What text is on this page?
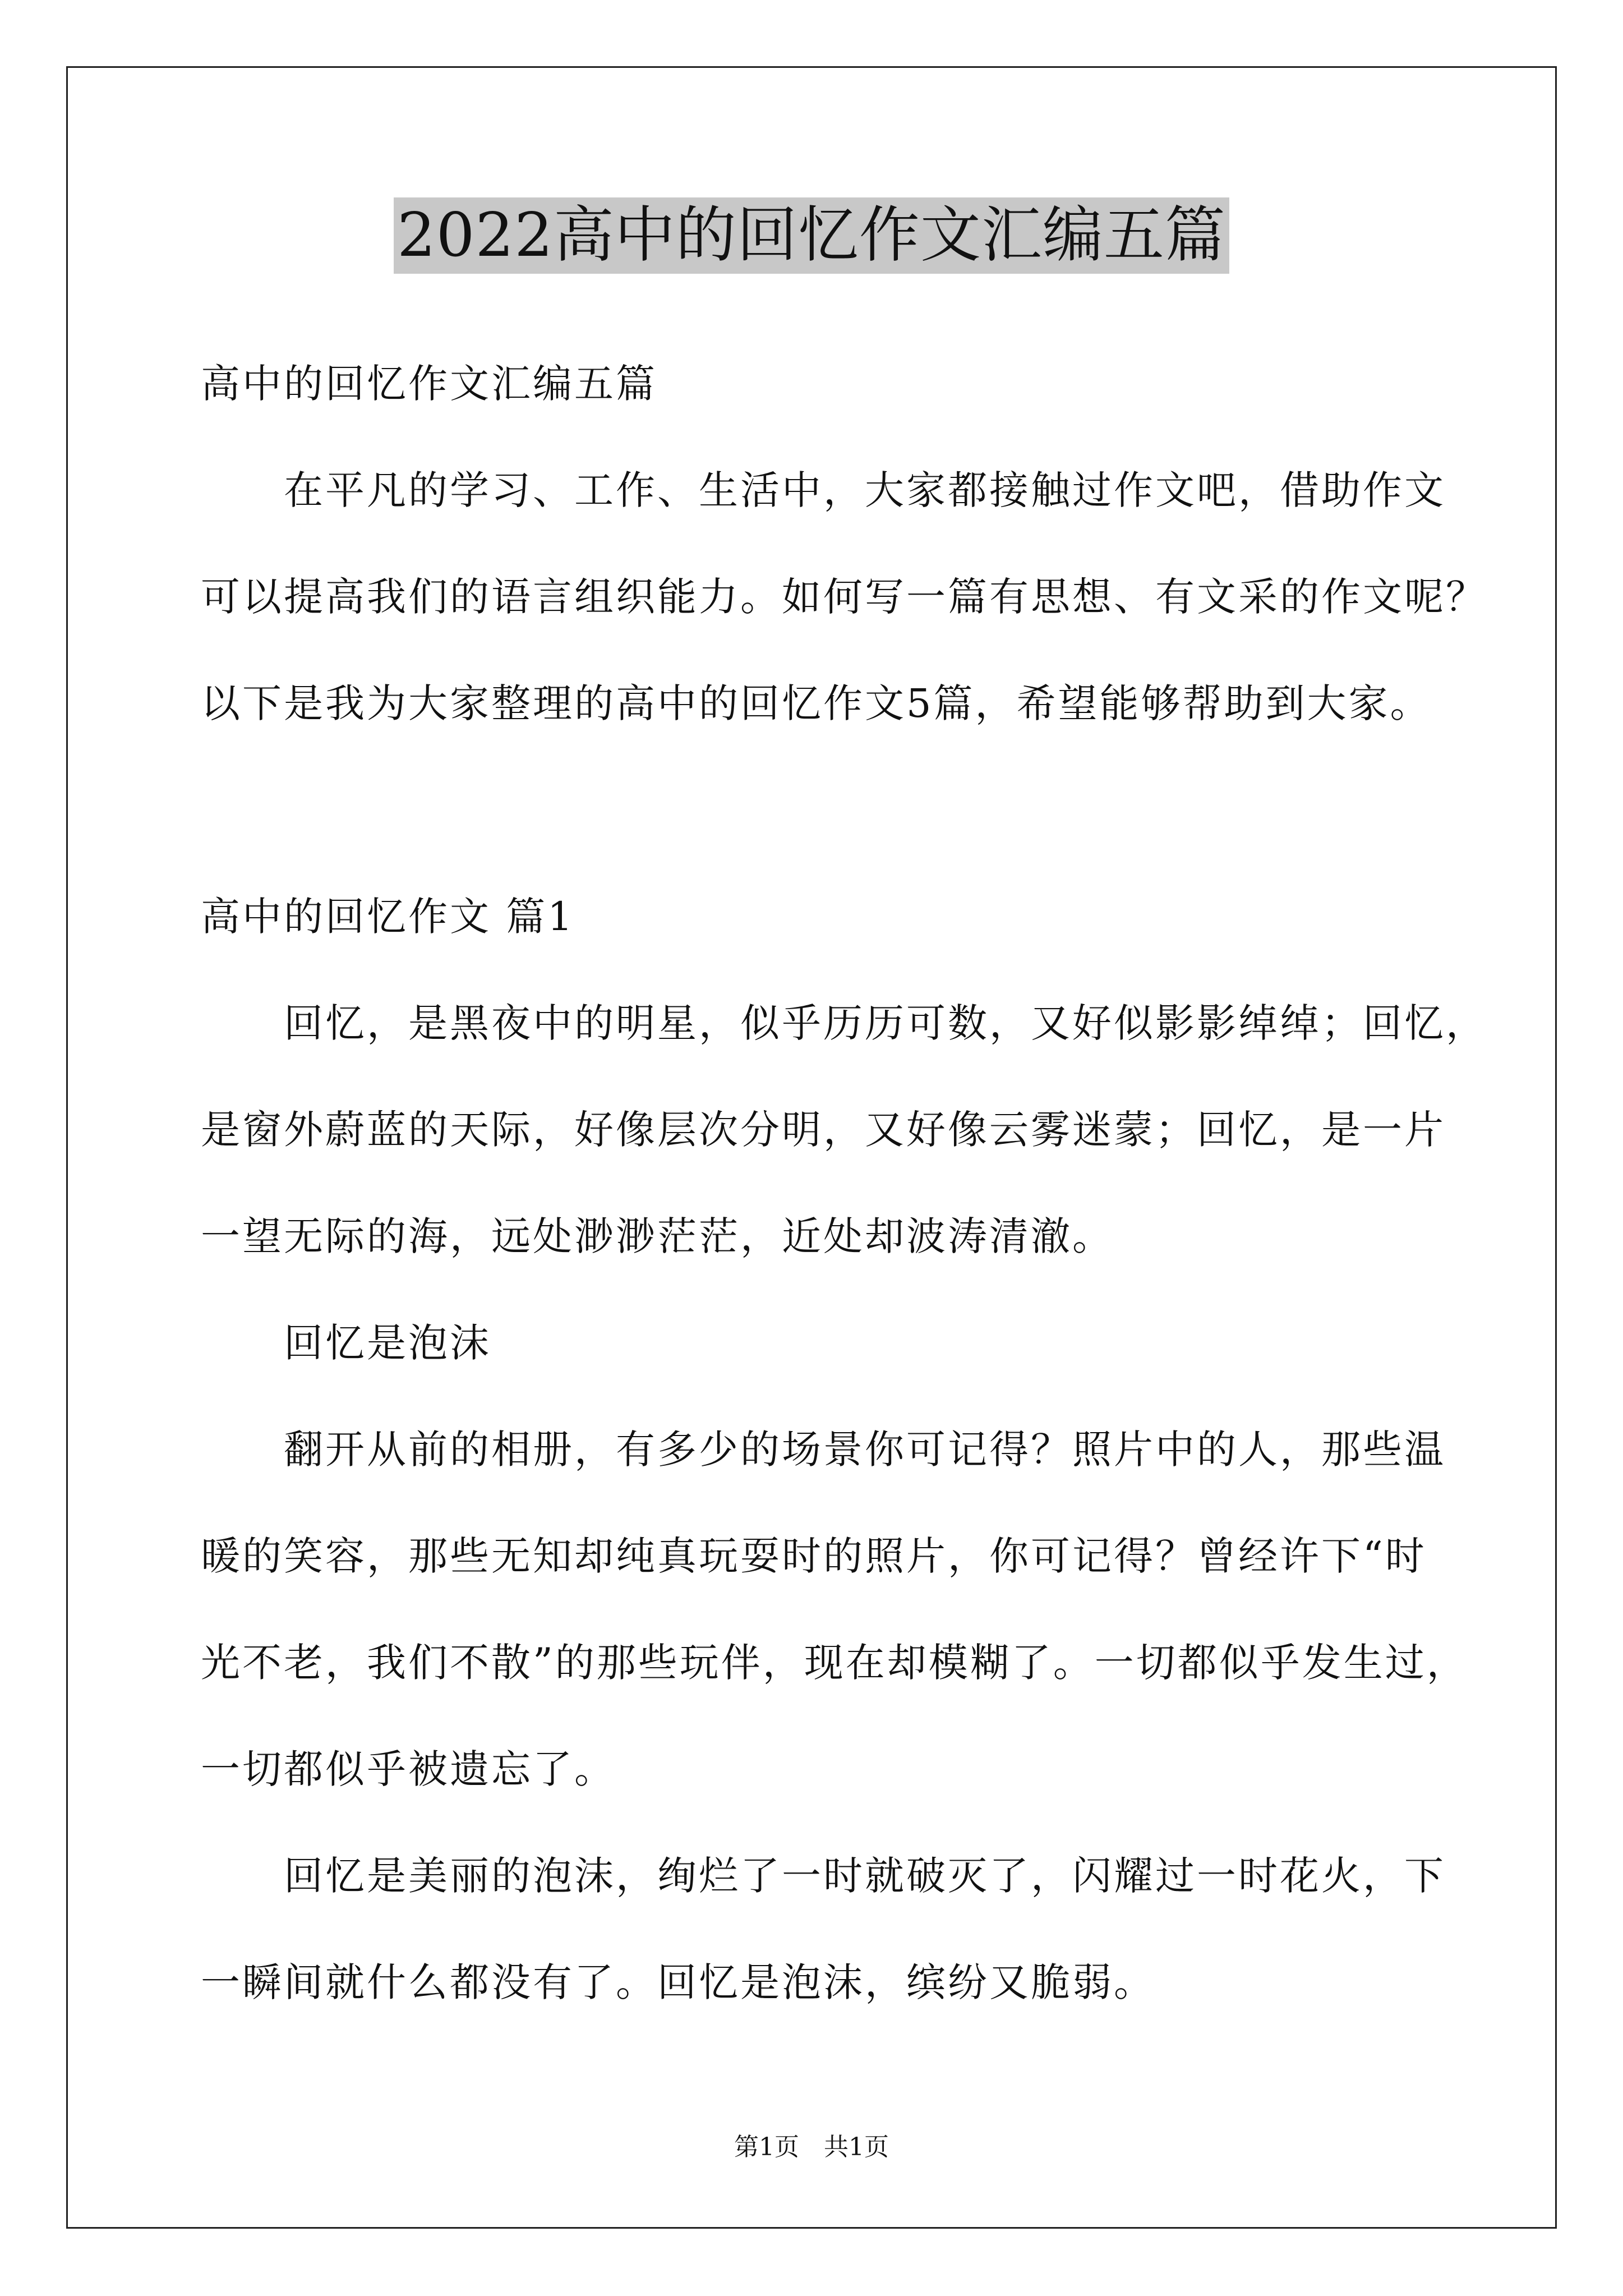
2022高中的回忆作文汇编五篇

高中的回忆作文汇编五篇

　　在平凡的学习、工作、生活中，大家都接触过作文吧，借助作文

可以提高我们的语言组织能力。如何写一篇有思想、有文采的作文呢？

以下是我为大家整理的高中的回忆作文5篇，希望能够帮助到大家。

高中的回忆作文 篇1

　　回忆，是黑夜中的明星，似乎历历可数，又好似影影绰绰；回忆，

是窗外蔚蓝的天际，好像层次分明，又好像云雾迷蒙；回忆，是一片

一望无际的海，远处渺渺茫茫，近处却波涛清澈。

　　回忆是泡沫

　　翻开从前的相册，有多少的场景你可记得？照片中的人，那些温

暖的笑容，那些无知却纯真玩耍时的照片，你可记得？曾经许下“时

光不老，我们不散”的那些玩伴，现在却模糊了。一切都似乎发生过，

一切都似乎被遗忘了。

　　回忆是美丽的泡沫，绚烂了一时就破灭了，闪耀过一时花火，下

一瞬间就什么都没有了。回忆是泡沫，缤纷又脆弱。

第1页　共1页
